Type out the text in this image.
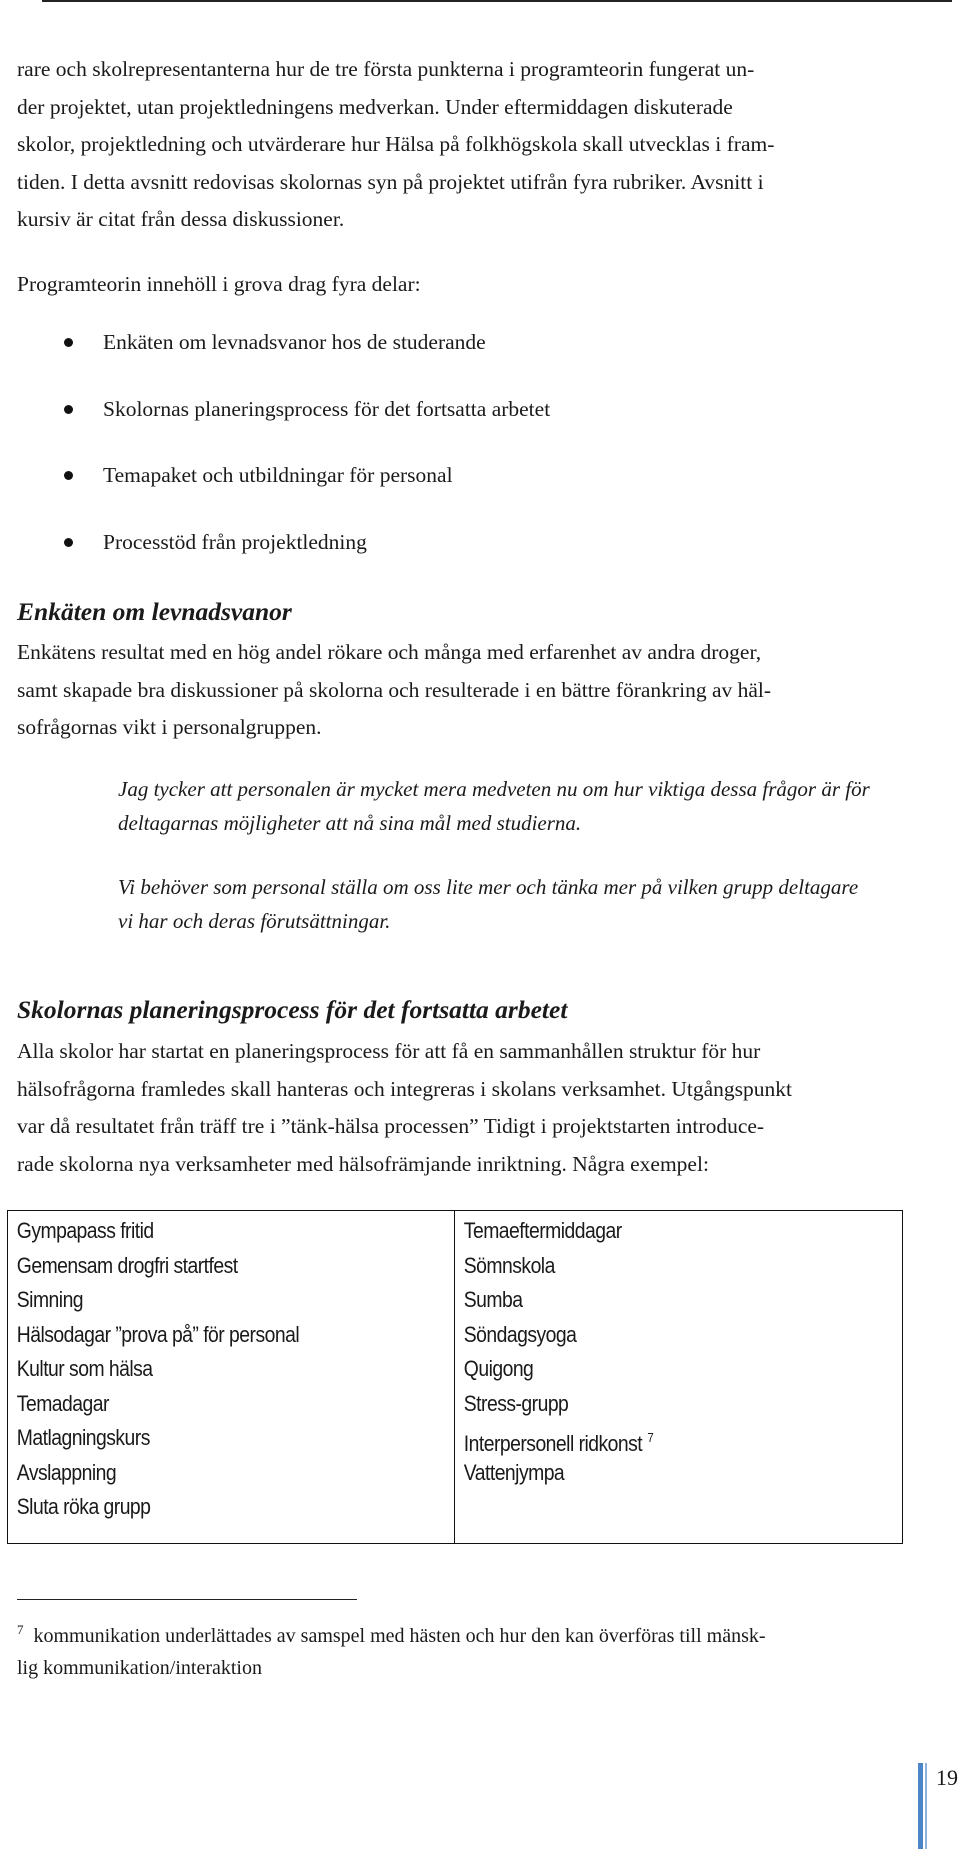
rare och skolrepresentanterna hur de tre första punkterna i programteorin fungerat un-
der projektet, utan projektledningens medverkan. Under eftermiddagen diskuterade
skolor, projektledning och utvärderare hur Hälsa på folkhögskola skall utvecklas i fram-
tiden. I detta avsnitt redovisas skolornas syn på projektet utifrån fyra rubriker. Avsnitt i
kursiv är citat från dessa diskussioner.

Programteorin innehöll i grova drag fyra delar:

Enkäten om levnadsvanor hos de studerande
Skolornas planeringsprocess för det fortsatta arbetet
Temapaket och utbildningar för personal
Processtöd från projektledning
Enkäten om levnadsvanor

Enkätens resultat med en hög andel rökare och många med erfarenhet av andra droger,
samt skapade bra diskussioner på skolorna och resulterade i en bättre förankring av häl-
sofrågornas vikt i personalgruppen.

Jag tycker att personalen är mycket mera medveten nu om hur viktiga dessa frågor är för
deltagarnas möjligheter att nå sina mål med studierna.

Vi behöver som personal ställa om oss lite mer och tänka mer på vilken grupp deltagare
vi har och deras förutsättningar.

Skolornas planeringsprocess för det fortsatta arbetet

Alla skolor har startat en planeringsprocess för att få en sammanhållen struktur för hur
hälsofrågorna framledes skall hanteras och integreras i skolans verksamhet. Utgångspunkt
var då resultatet från träff tre i ”tänk-hälsa processen” Tidigt i projektstarten introduce-
rade skolorna nya verksamheter med hälsofrämjande inriktning. Några exempel:

Gympapass fritid
Gemensam drogfri startfest
Simning
Hälsodagar ”prova på” för personal
Kultur som hälsa
Temadagar
Matlagningskurs
Avslappning
Sluta röka grupp
Temaeftermiddagar
Sömnskola
Sumba
Söndagsyoga
Quigong
Stress-grupp
Interpersonell ridkonst $^7$
Vattenjympa

$^7$ kommunikation underlättades av samspel med hästen och hur den kan överföras till mänsk-
lig kommunikation/interaktion

19
